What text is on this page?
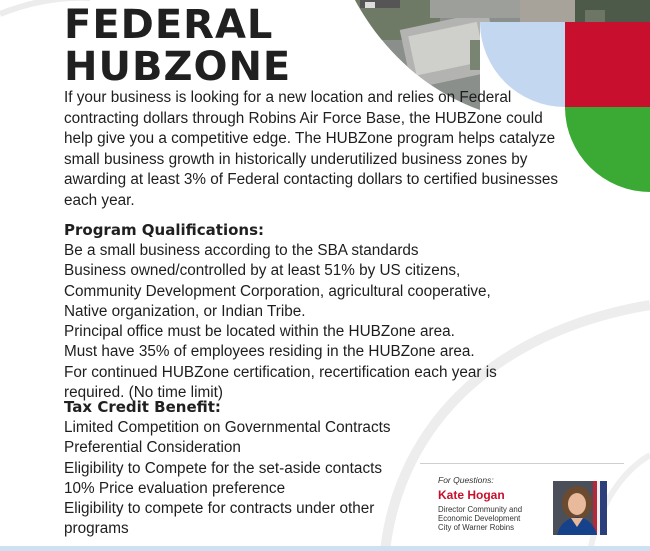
FEDERAL
HUBZONE

If your business is looking for a new location and relies on Federal contracting dollars through Robins Air Force Base, the HUBZone could help give you a competitive edge. The HUBZone program helps catalyze small business growth in historically underutilized business zones by awarding at least 3% of Federal contacting dollars to certified businesses each year.

Program Qualifications:
Be a small business according to the SBA standards
Business owned/controlled by at least 51% by US citizens, Community Development Corporation, agricultural cooperative, Native organization, or Indian Tribe.
Principal office must be located within the HUBZone area.
Must have 35% of employees residing in the HUBZone area.
For continued HUBZone certification, recertification each year is required. (No time limit)
Tax Credit Benefit:
Limited Competition on Governmental Contracts
Preferential Consideration
Eligibility to Compete for the set-aside contacts
10% Price evaluation preference
Eligibility to compete for contracts under other programs
For Questions:
Kate Hogan
Director Community and
Economic Development
City of Warner Robins
